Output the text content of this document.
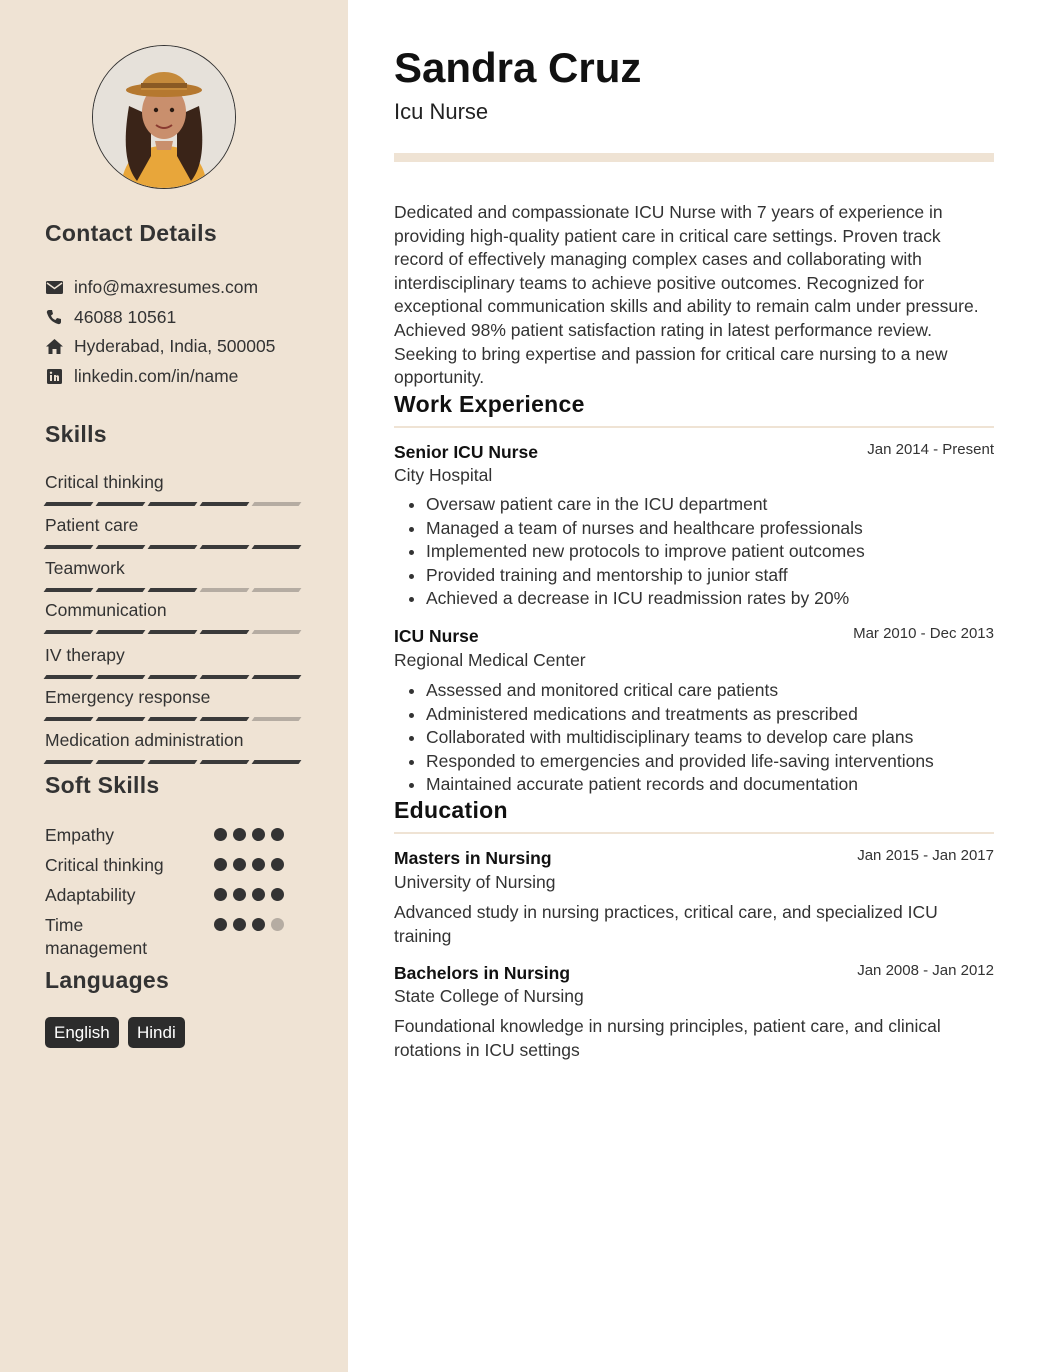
Contact Details
info@maxresumes.com
46088 10561
Hyderabad, India, 500005
linkedin.com/in/name
Skills
Critical thinking
Patient care
Teamwork
Communication
IV therapy
Emergency response
Medication administration
Soft Skills
Empathy
Critical thinking
Adaptability
Time management
Languages
English	Hindi
Sandra Cruz
Icu Nurse

Dedicated and compassionate ICU Nurse with 7 years of experience in providing high-quality patient care in critical care settings. Proven track record of effectively managing complex cases and collaborating with interdisciplinary teams to achieve positive outcomes. Recognized for exceptional communication skills and ability to remain calm under pressure. Achieved 98% patient satisfaction rating in latest performance review. Seeking to bring expertise and passion for critical care nursing to a new opportunity.

Work Experience
Senior ICU Nurse	Jan 2014 - Present
City Hospital
• Oversaw patient care in the ICU department
• Managed a team of nurses and healthcare professionals
• Implemented new protocols to improve patient outcomes
• Provided training and mentorship to junior staff
• Achieved a decrease in ICU readmission rates by 20%
ICU Nurse	Mar 2010 - Dec 2013
Regional Medical Center
• Assessed and monitored critical care patients
• Administered medications and treatments as prescribed
• Collaborated with multidisciplinary teams to develop care plans
• Responded to emergencies and provided life-saving interventions
• Maintained accurate patient records and documentation
Education
Masters in Nursing	Jan 2015 - Jan 2017
University of Nursing

Advanced study in nursing practices, critical care, and specialized ICU training

Bachelors in Nursing	Jan 2008 - Jan 2012
State College of Nursing

Foundational knowledge in nursing principles, patient care, and clinical rotations in ICU settings
